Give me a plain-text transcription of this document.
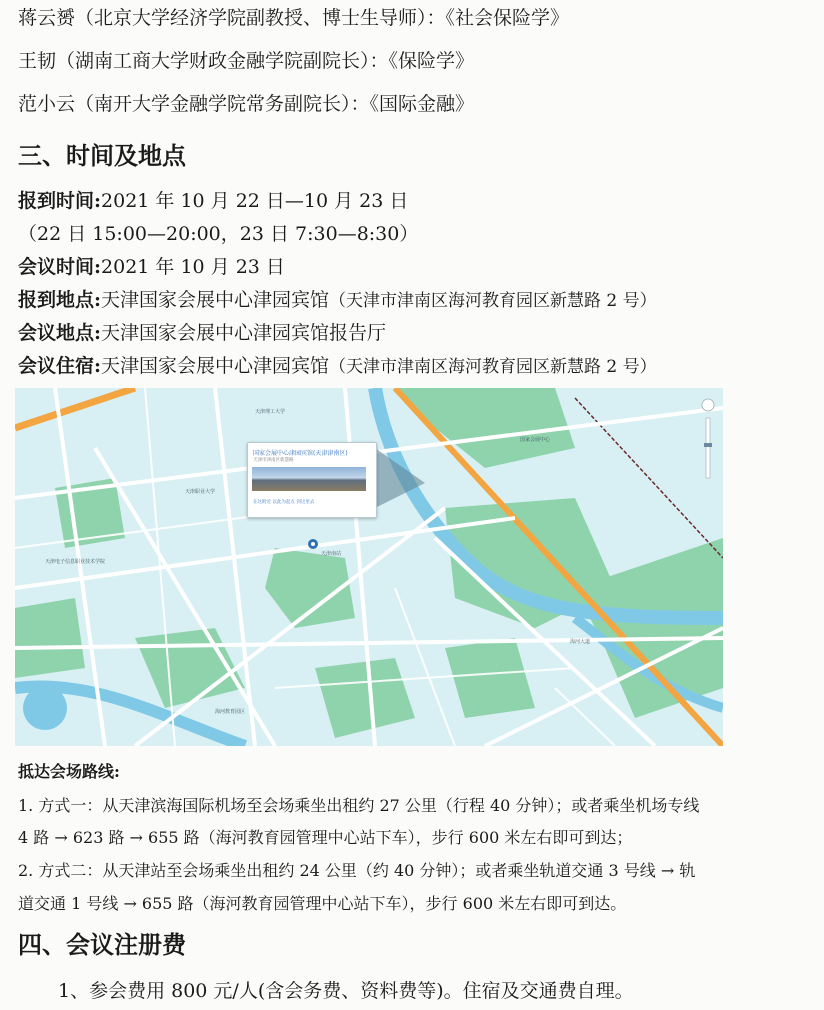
蒋云赟（北京大学经济学院副教授、博士生导师）：《社会保险学》
王韧（湖南工商大学财政金融学院副院长）：《保险学》
范小云（南开大学金融学院常务副院长）：《国际金融》
三、时间及地点
报到时间:2021 年 10 月 22 日—10 月 23 日
（22 日 15:00—20:00，23 日 7:30—8:30）
会议时间:2021 年 10 月 23 日
报到地点:天津国家会展中心津园宾馆（天津市津南区海河教育园区新慧路 2 号）
会议地点:天津国家会展中心津园宾馆报告厅
会议住宿:天津国家会展中心津园宾馆（天津市津南区海河教育园区新慧路 2 号）
国家会展中心津园宾馆(天津津南区)
天津市津南区新慧路
在这附近 以此为起点 到这里去
天津南站
天津理工大学
海河教育园区
天津电子信息职业技术学院
天津职业大学
国家会展中心
海河大道
抵达会场路线:
1. 方式一：从天津滨海国际机场至会场乘坐出租约 27 公里（行程 40 分钟）；或者乘坐机场专线
4 路 → 623 路 → 655 路（海河教育园管理中心站下车），步行 600 米左右即可到达；
2. 方式二：从天津站至会场乘坐出租约 24 公里（约 40 分钟）；或者乘坐轨道交通 3 号线 → 轨
道交通 1 号线 → 655 路（海河教育园管理中心站下车），步行 600 米左右即可到达。
四、会议注册费
1、参会费用 800 元/人(含会务费、资料费等)。住宿及交通费自理。
